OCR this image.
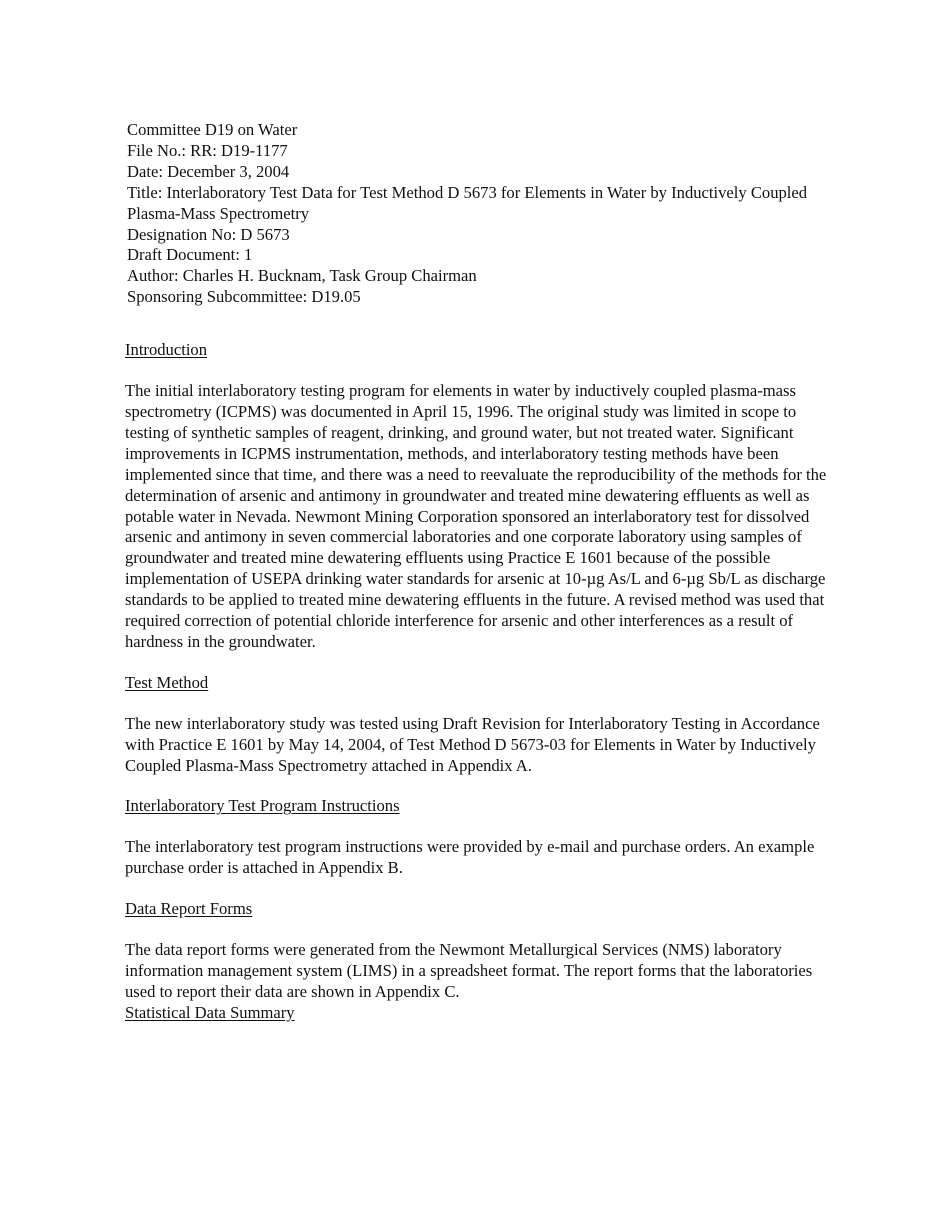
Committee D19 on Water
File No.: RR: D19-1177
Date: December 3, 2004
Title: Interlaboratory Test Data for Test Method D 5673 for Elements in Water by Inductively Coupled Plasma-Mass Spectrometry
Designation No: D 5673
Draft Document: 1
Author: Charles H. Bucknam, Task Group Chairman
Sponsoring Subcommittee: D19.05
Introduction

The initial interlaboratory testing program for elements in water by inductively coupled plasma-mass spectrometry (ICPMS) was documented in April 15, 1996. The original study was limited in scope to testing of synthetic samples of reagent, drinking, and ground water, but not treated water. Significant improvements in ICPMS instrumentation, methods, and interlaboratory testing methods have been implemented since that time, and there was a need to reevaluate the reproducibility of the methods for the determination of arsenic and antimony in groundwater and treated mine dewatering effluents as well as potable water in Nevada. Newmont Mining Corporation sponsored an interlaboratory test for dissolved arsenic and antimony in seven commercial laboratories and one corporate laboratory using samples of groundwater and treated mine dewatering effluents using Practice E 1601 because of the possible implementation of USEPA drinking water standards for arsenic at 10-µg As/L and 6-µg Sb/L as discharge standards to be applied to treated mine dewatering effluents in the future. A revised method was used that required correction of potential chloride interference for arsenic and other interferences as a result of hardness in the groundwater.

Test Method

The new interlaboratory study was tested using Draft Revision for Interlaboratory Testing in Accordance with Practice E 1601 by May 14, 2004, of Test Method D 5673-03 for Elements in Water by Inductively Coupled Plasma-Mass Spectrometry attached in Appendix A.

Interlaboratory Test Program Instructions

The interlaboratory test program instructions were provided by e-mail and purchase orders. An example purchase order is attached in Appendix B.

Data Report Forms

The data report forms were generated from the Newmont Metallurgical Services (NMS) laboratory information management system (LIMS) in a spreadsheet format. The report forms that the laboratories used to report their data are shown in Appendix C.

Statistical Data Summary
